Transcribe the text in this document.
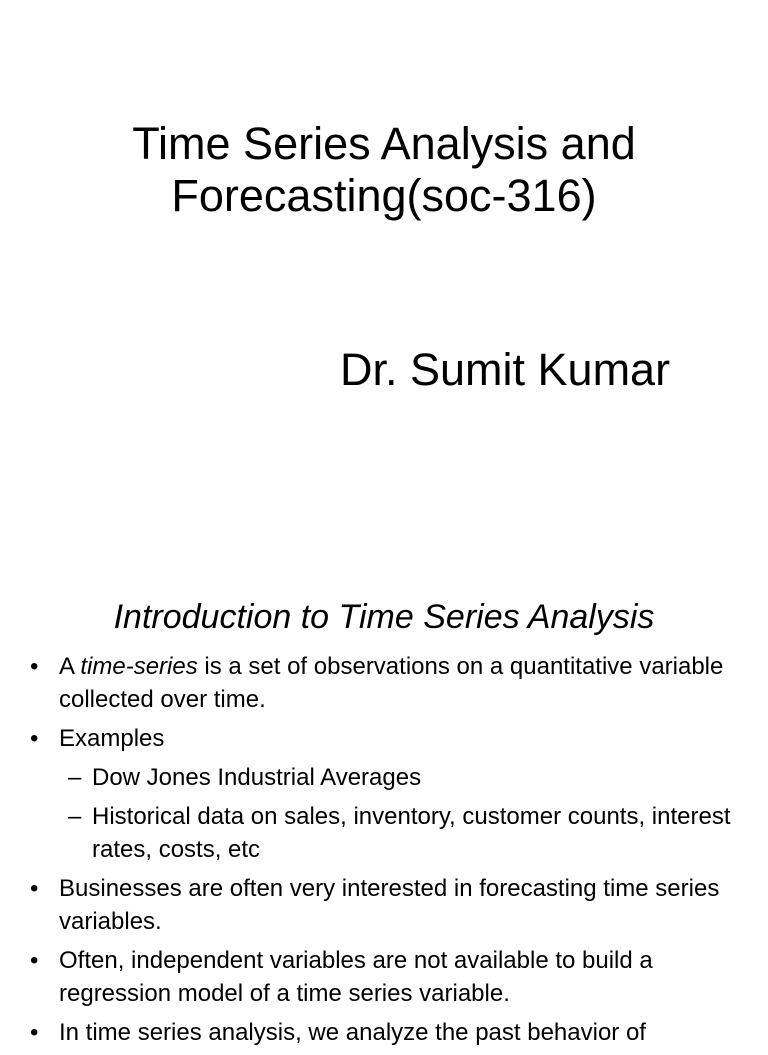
Time Series Analysis and
Forecasting(soc-316)
Dr. Sumit Kumar
Introduction to Time Series Analysis
• A time-series is a set of observations on a quantitative variable collected over time.
• Examples
– Dow Jones Industrial Averages
– Historical data on sales, inventory, customer counts, interest rates, costs, etc
• Businesses are often very interested in forecasting time series variables.
• Often, independent variables are not available to build a regression model of a time series variable.
• In time series analysis, we analyze the past behavior of
